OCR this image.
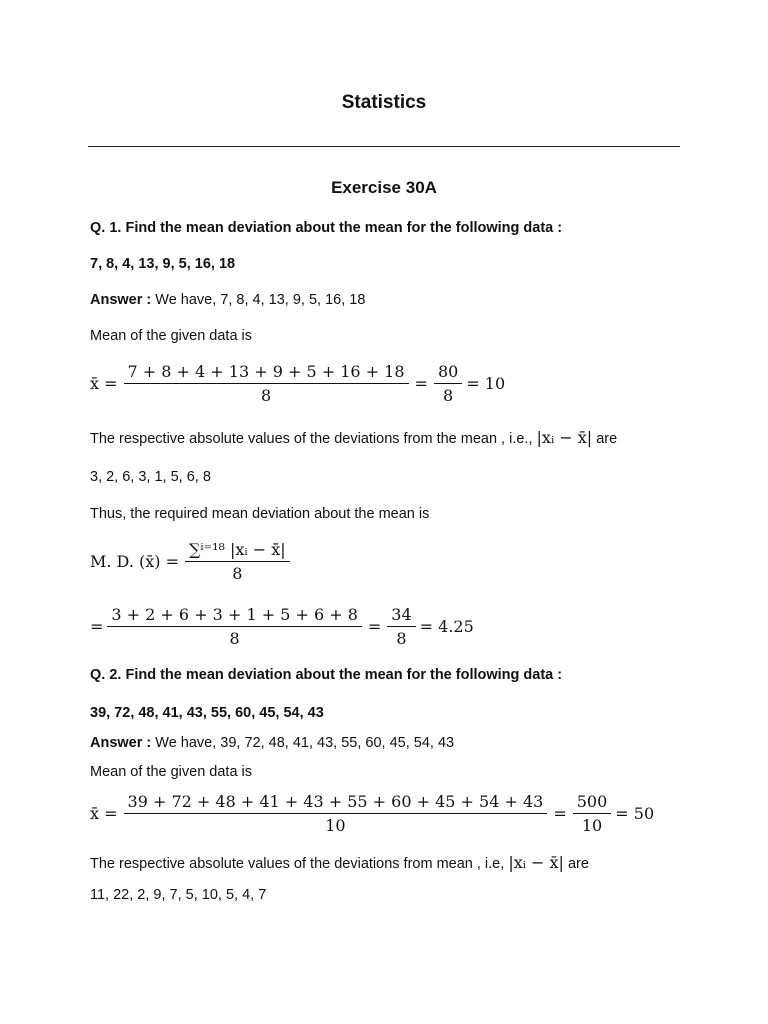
Statistics
Exercise 30A
Q. 1. Find the mean deviation about the mean for the following data :
7, 8, 4, 13, 9, 5, 16, 18
Answer : We have, 7, 8, 4, 13, 9, 5, 16, 18
Mean of the given data is
x̄ = $\frac{7 + 8 + 4 + 13 + 9 + 5 + 16 + 18}{8} = \frac{80}{8} = 10$
The respective absolute values of the deviations from the mean , i.e., |xᵢ − x̄| are
3, 2, 6, 3, 1, 5, 6, 8
Thus, the required mean deviation about the mean is
M. D. (x̄) = $\frac{\text{∑ⁱ⁼¹⁸ |xᵢ − x̄|}}{8}$
= $\frac{3 + 2 + 6 + 3 + 1 + 5 + 6 + 8}{8} = \frac{34}{8} = 4.25$
Q. 2. Find the mean deviation about the mean for the following data :
39, 72, 48, 41, 43, 55, 60, 45, 54, 43
Answer : We have, 39, 72, 48, 41, 43, 55, 60, 45, 54, 43
Mean of the given data is
x̄ = $\frac{39 + 72 + 48 + 41 + 43 + 55 + 60 + 45 + 54 + 43}{10} = \frac{500}{10} = 50$
The respective absolute values of the deviations from mean , i.e, |xᵢ − x̄| are
11, 22, 2, 9, 7, 5, 10, 5, 4, 7
